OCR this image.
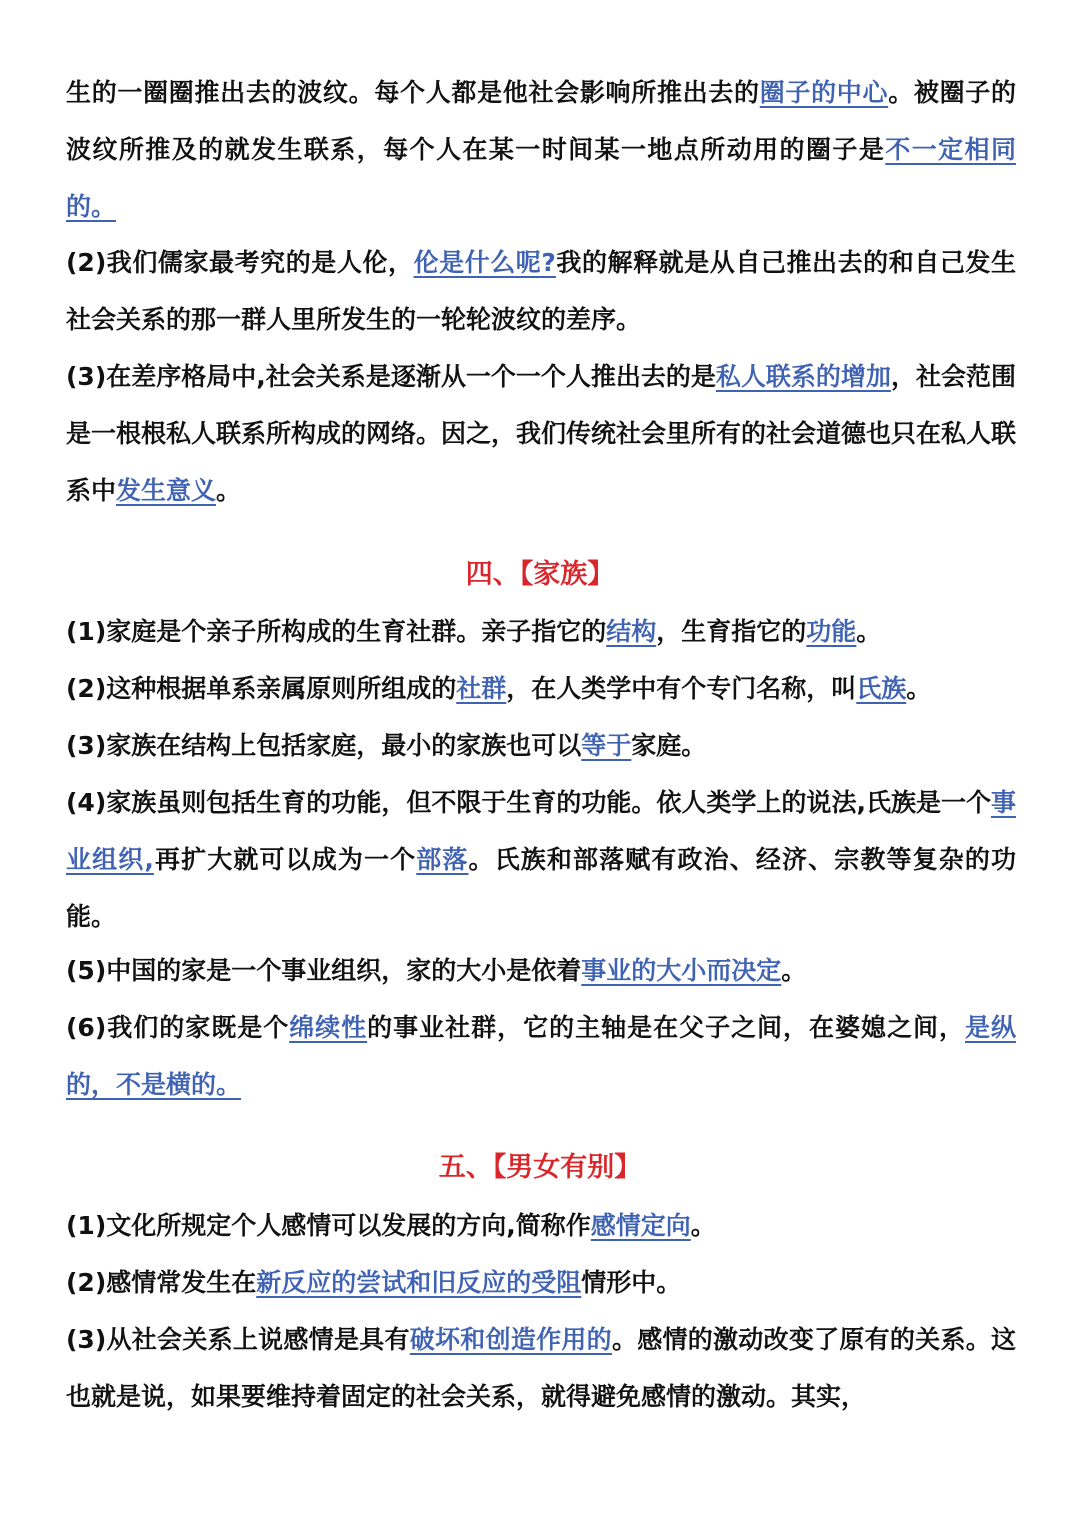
生的一圈圈推出去的波纹。每个人都是他社会影响所推出去的圈子的中心。被圈子的波纹所推及的就发生联系，每个人在某一时间某一地点所动用的圈子是不一定相同的。

(2)我们儒家最考究的是人伦，伦是什么呢?我的解释就是从自己推出去的和自己发生社会关系的那一群人里所发生的一轮轮波纹的差序。

(3)在差序格局中,社会关系是逐渐从一个一个人推出去的是私人联系的增加，社会范围是一根根私人联系所构成的网络。因之，我们传统社会里所有的社会道德也只在私人联系中发生意义。

四、【家族】

(1)家庭是个亲子所构成的生育社群。亲子指它的结构，生育指它的功能。

(2)这种根据单系亲属原则所组成的社群，在人类学中有个专门名称，叫氏族。

(3)家族在结构上包括家庭，最小的家族也可以等于家庭。

(4)家族虽则包括生育的功能，但不限于生育的功能。依人类学上的说法,氏族是一个事业组织,再扩大就可以成为一个部落。氏族和部落赋有政治、经济、宗教等复杂的功能。

(5)中国的家是一个事业组织，家的大小是依着事业的大小而决定。

(6)我们的家既是个绵续性的事业社群，它的主轴是在父子之间，在婆媳之间，是纵的，不是横的。

五、【男女有别】

(1)文化所规定个人感情可以发展的方向,简称作感情定向。

(2)感情常发生在新反应的尝试和旧反应的受阻情形中。

(3)从社会关系上说感情是具有破坏和创造作用的。感情的激动改变了原有的关系。这也就是说，如果要维持着固定的社会关系，就得避免感情的激动。其实，
